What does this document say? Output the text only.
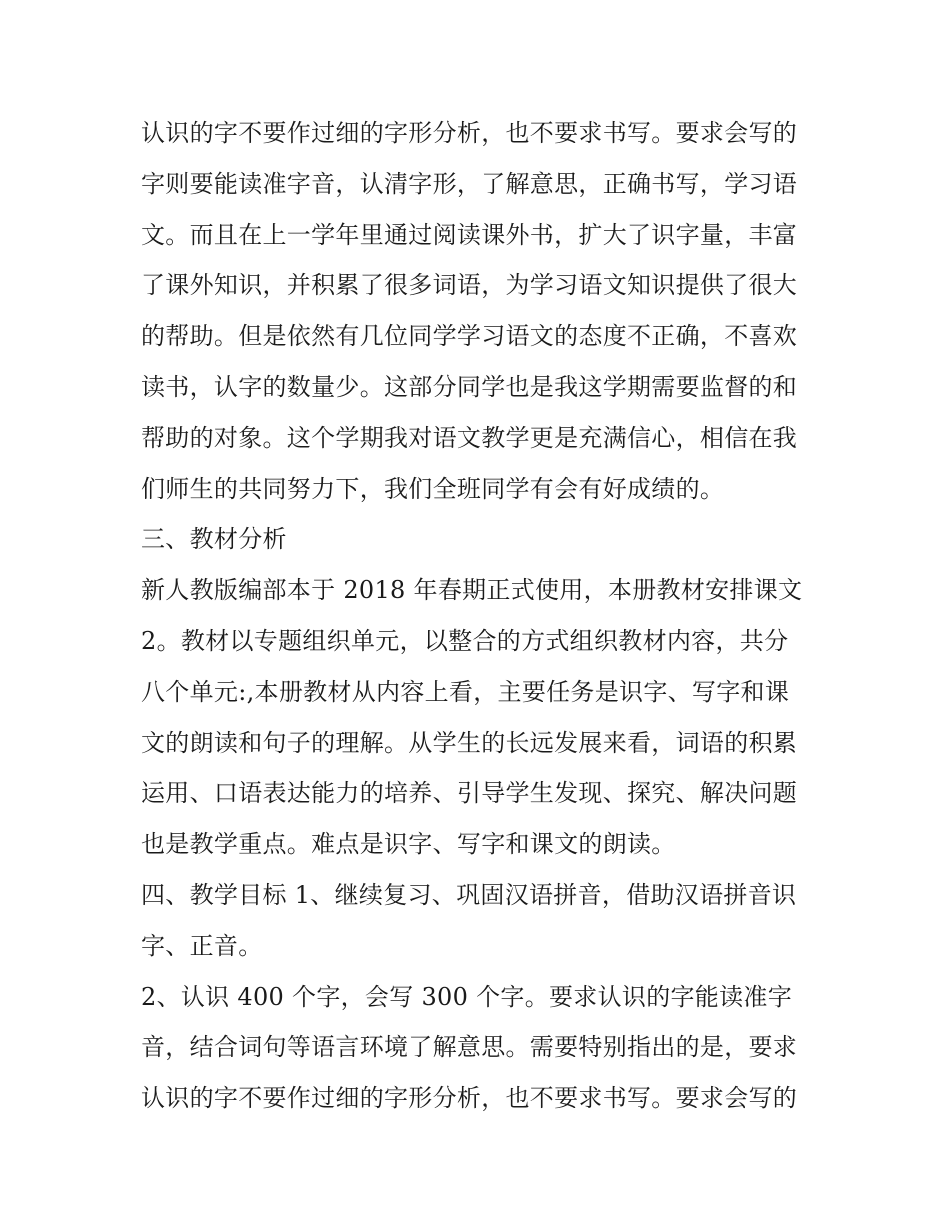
认识的字不要作过细的字形分析，也不要求书写。要求会写的
字则要能读准字音，认清字形，了解意思，正确书写，学习语
文。而且在上一学年里通过阅读课外书，扩大了识字量，丰富
了课外知识，并积累了很多词语，为学习语文知识提供了很大
的帮助。但是依然有几位同学学习语文的态度不正确，不喜欢
读书，认字的数量少。这部分同学也是我这学期需要监督的和
帮助的对象。这个学期我对语文教学更是充满信心，相信在我
们师生的共同努力下，我们全班同学有会有好成绩的。
三、教材分析
新人教版编部本于 2018 年春期正式使用，本册教材安排课文
2。教材以专题组织单元，以整合的方式组织教材内容，共分
八个单元:,本册教材从内容上看，主要任务是识字、写字和课
文的朗读和句子的理解。从学生的长远发展来看，词语的积累
运用、口语表达能力的培养、引导学生发现、探究、解决问题
也是教学重点。难点是识字、写字和课文的朗读。
四、教学目标 1、继续复习、巩固汉语拼音，借助汉语拼音识
字、正音。
2、认识 400 个字，会写 300 个字。要求认识的字能读准字
音，结合词句等语言环境了解意思。需要特别指出的是，要求
认识的字不要作过细的字形分析，也不要求书写。要求会写的
